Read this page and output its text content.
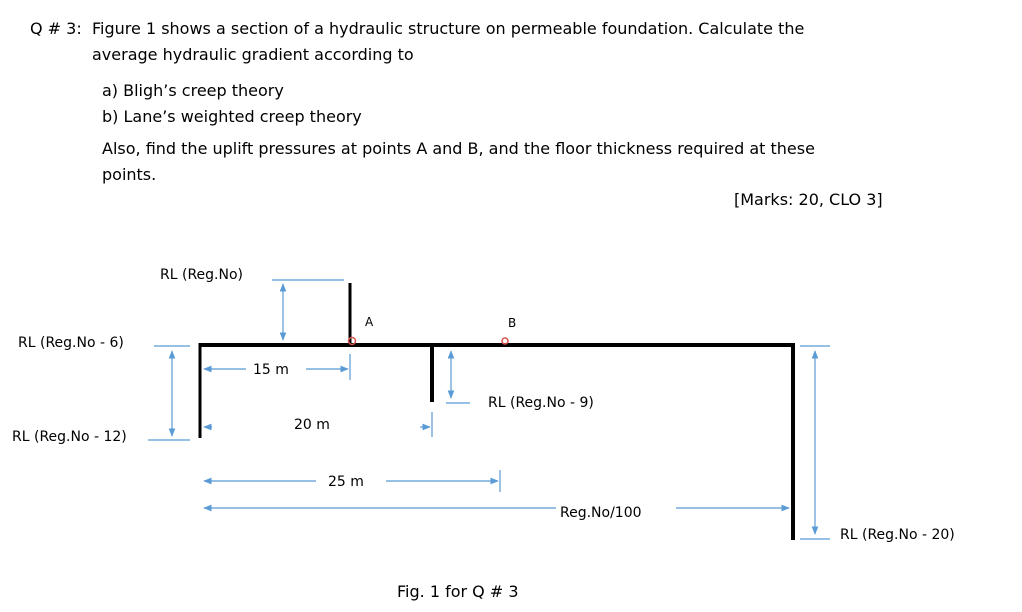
Q # 3: Figure 1 shows a section of a hydraulic structure on permeable foundation. Calculate the
average hydraulic gradient according to
a) Bligh’s creep theory
b) Lane’s weighted creep theory
Also, find the uplift pressures at points A and B, and the floor thickness required at these
points.
[Marks: 20, CLO 3]
RL (Reg.No)
RL (Reg.No - 6)
RL (Reg.No - 12)
RL (Reg.No - 9)
RL (Reg.No - 20)
A	B
15 m
20 m
25 m
Reg.No/100
Fig. 1 for Q # 3
